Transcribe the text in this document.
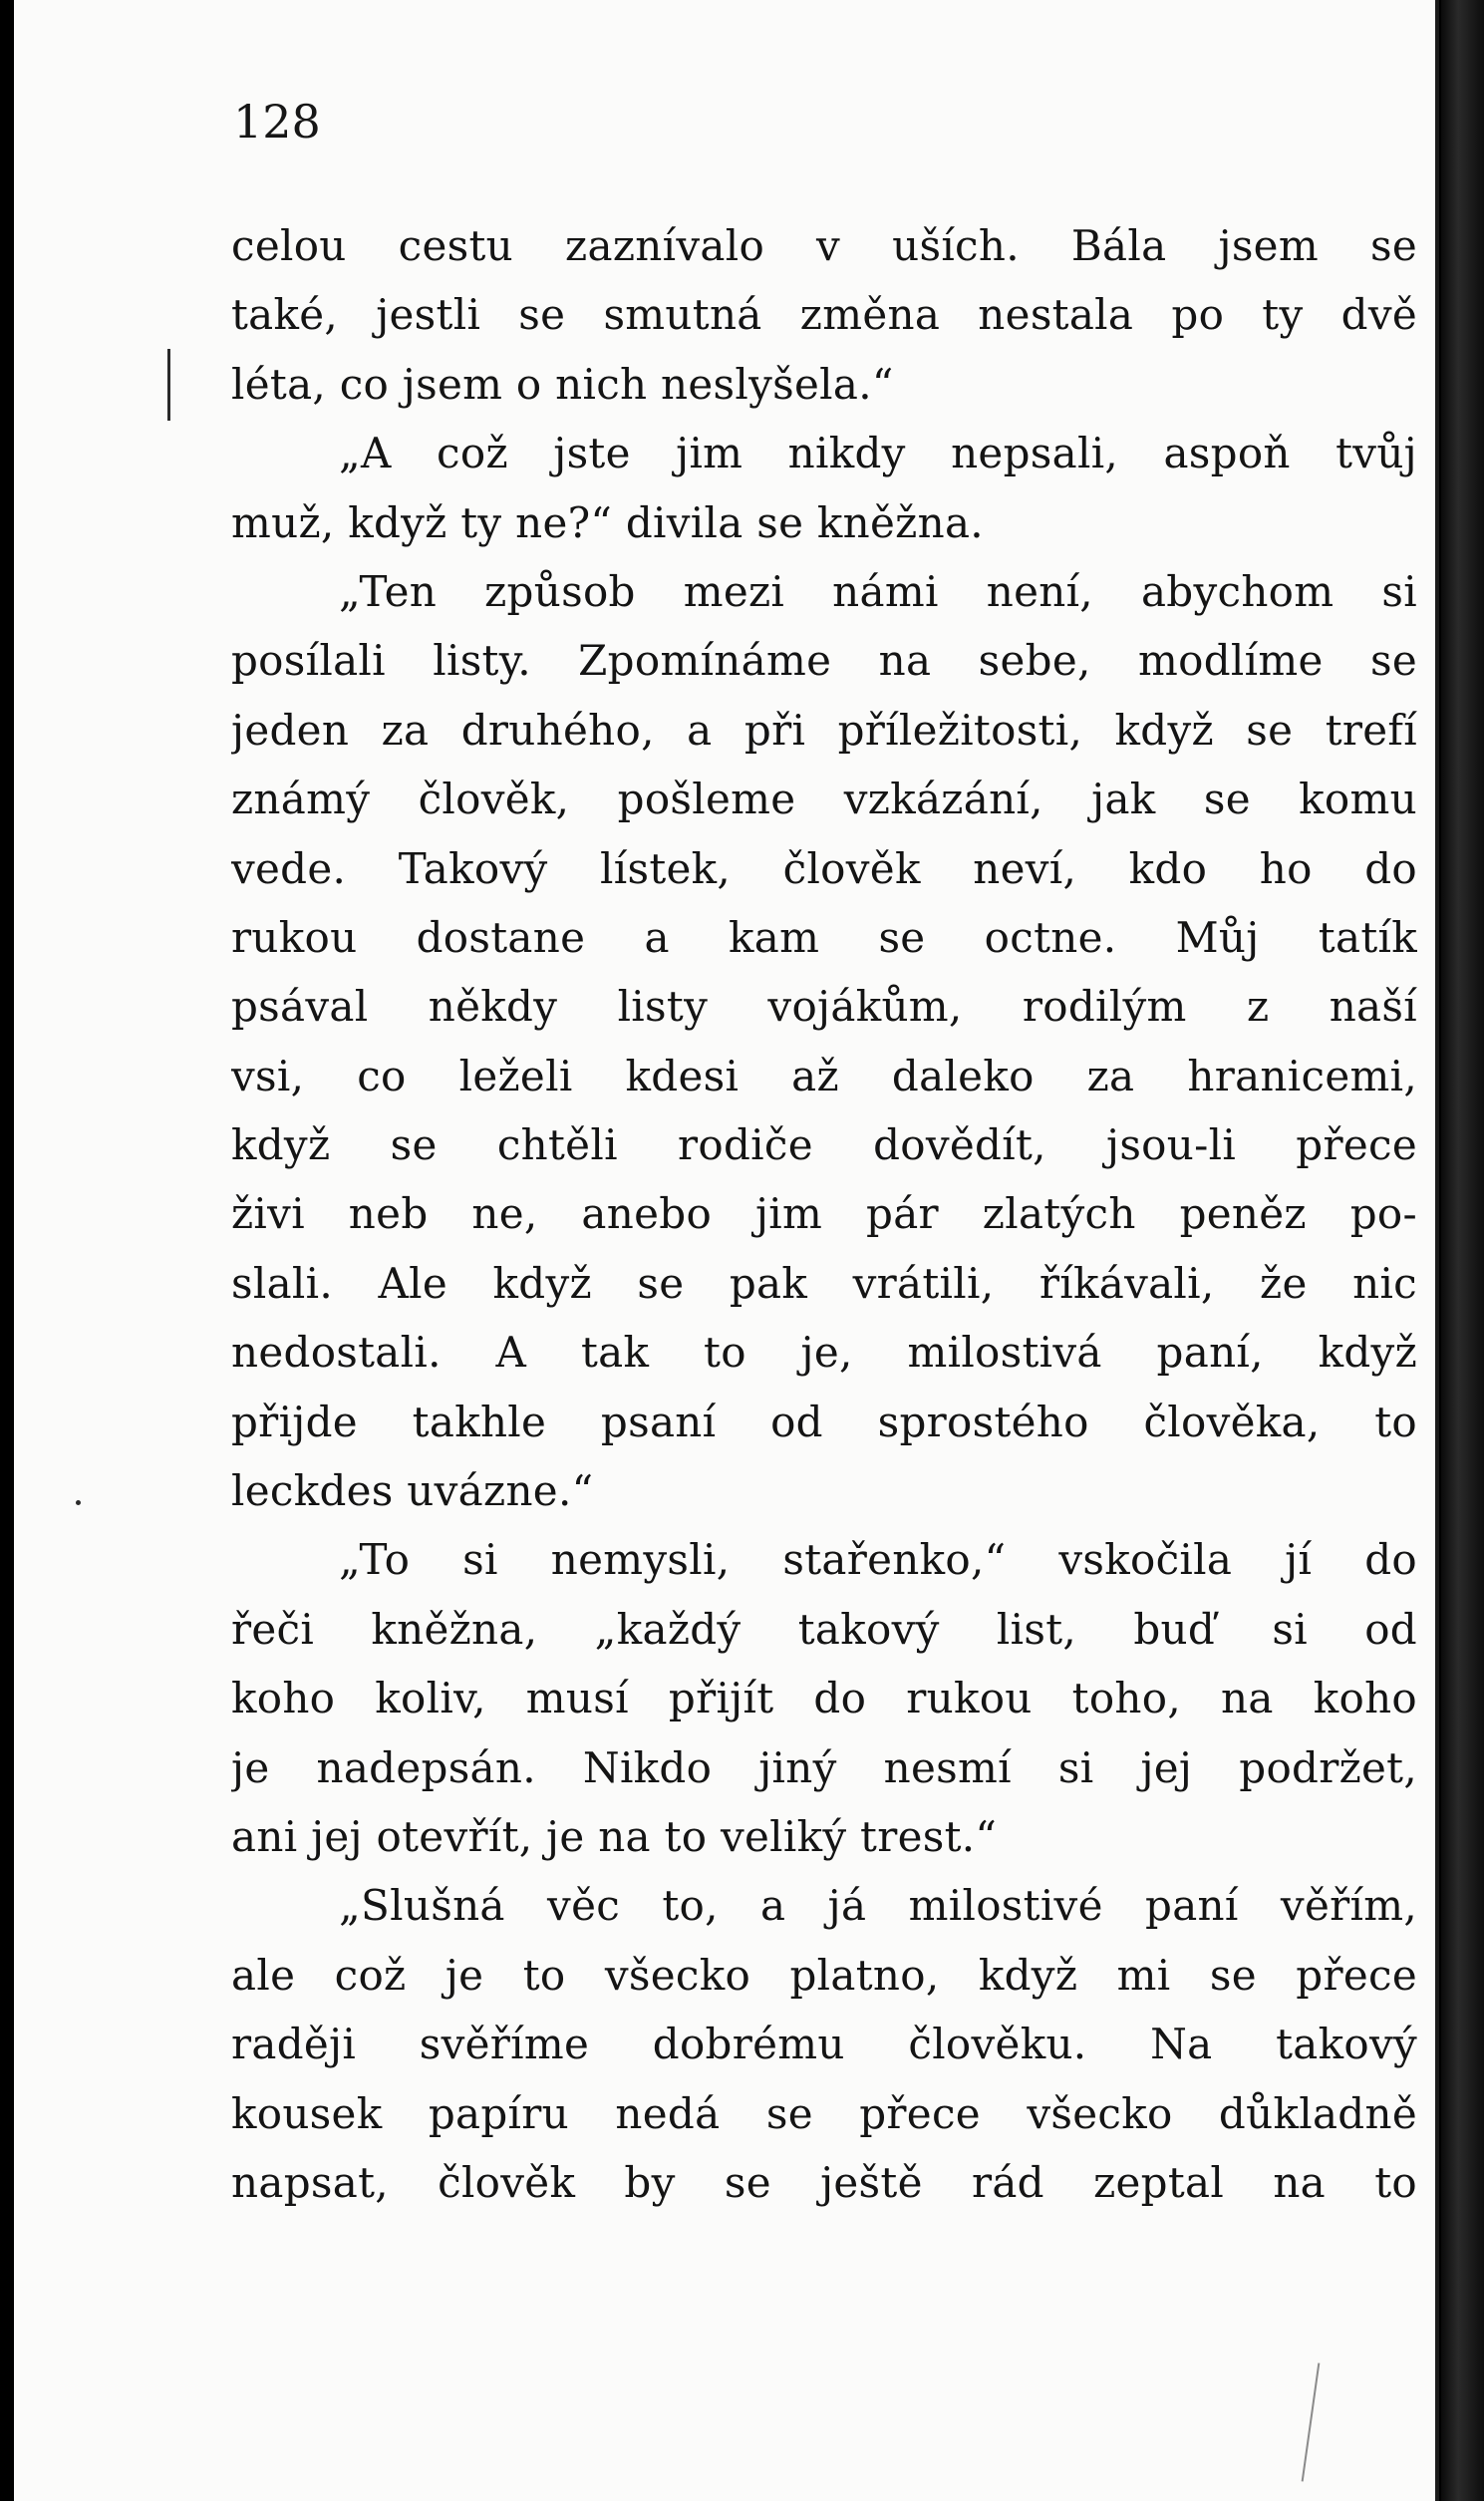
128

celou cestu zaznívalo v uších. Bála jsem se
také, jestli se smutná změna nestala po ty dvě
léta, co jsem o nich neslyšela.“
„A což jste jim nikdy nepsali, aspoň tvůj
muž, když ty ne?“ divila se kněžna.
„Ten způsob mezi námi není, abychom si
posílali listy. Zpomínáme na sebe, modlíme se
jeden za druhého, a při příležitosti, když se trefí
známý člověk, pošleme vzkázání, jak se komu
vede. Takový lístek, člověk neví, kdo ho do
rukou dostane a kam se octne. Můj tatík
psával někdy listy vojákům, rodilým z naší
vsi, co leželi kdesi až daleko za hranicemi,
když se chtěli rodiče dovědít, jsou-li přece
živi neb ne, anebo jim pár zlatých peněz po-
slali. Ale když se pak vrátili, říkávali, že nic
nedostali. A tak to je, milostivá paní, když
přijde takhle psaní od sprostého člověka, to
leckdes uvázne.“
„To si nemysli, stařenko,“ vskočila jí do
řeči kněžna, „každý takový list, buď si od
koho koliv, musí přijít do rukou toho, na koho
je nadepsán. Nikdo jiný nesmí si jej podržet,
ani jej otevřít, je na to veliký trest.“
„Slušná věc to, a já milostivé paní věřím,
ale což je to všecko platno, když mi se přece
raději svěříme dobrému člověku. Na takový
kousek papíru nedá se přece všecko důkladně
napsat, člověk by se ještě rád zeptal na to
